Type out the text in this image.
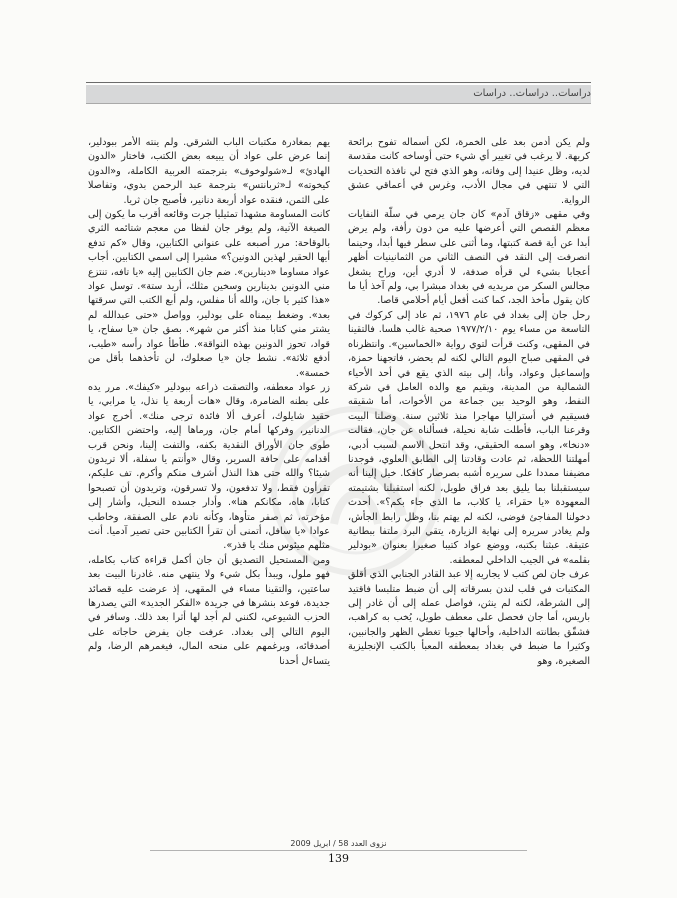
دراسات.. دراسات.. دراسات

ولم يكن أدمن بعد على الخمرة، لكن أسماله تفوح برائحة كريهة. لا يرغب في تغيير أي شيء حتى أوساخه كانت مقدسة لديه، وظل عنيدا إلى وفاته، وهو الذي فتح لي نافذة التحديات التي لا تنتهي في مجال الأدب، وغرس في أعماقي عشق الرواية.

وفي مقهى «زقاق آدم» كان جان يرمي في سلّة النفايات معظم القصص التي أعرضها عليه من دون رأفة، ولم يرض أبدا عن أية قصة كتبتها، وما أثنى على سطر فيها أبدا، وحينما انصرفت إلى النقد في النصف الثاني من الثمانينيات أظهر أعجابا بشيء لي قرأه صدفة، لا أدري أين، وراح يشغل مجالس السكر من مريديه في بغداد مبشرا بي، ولم آخذ أيا ما كان يقول مأخذ الجد، كما كنت أفعل أيام أحلامي قاصا.

رحل جان إلى بغداد في عام ١٩٧٦، ثم عاد إلى كركوك في التاسعة من مساء يوم ١٩٧٧/٢/١٠ صحبة غالب هلسا. فالتقينا في المقهى، وكنت قرأت لتوي رواية «الخماسين». وانتظرناه في المقهى صباح اليوم التالي لكنه لم يحضر، فاتجهنا حمزة، وإسماعيل وعواد، وأنا، إلى بيته الذي يقع في أحد الأحياء الشمالية من المدينة، ويقيم مع والده العامل في شركة النفط، وهو الوحيد بين جماعة من الأخوات، أما شقيقه فسيقيم في أستراليا مهاجرا منذ ثلاثين سنة. وصلنا البيت وقرعنا الباب، فأطلت شابة نحيلة، فسألناه عن جان، فقالت «دنخا»، وهو اسمه الحقيقي، وقد انتحل الاسم لسبب أدبي، أمهلتنا اللحظة، ثم عادت وقادتنا إلى الطابق العلوي، فوجدنا مضيفنا ممددا على سريره أشبه بصرصار كافكا. خيل إلينا أنه سيستقبلنا بما يليق بعد فراق طويل، لكنه استقبلنا بشتيمته المعهودة «يا حقراء، يا كلاب، ما الذي جاء بكم؟». أحدث دخولنا المفاجئ فوضى، لكنه لم يهتم بنا، وظل رابط الجأش، ولم يغادر سريره إلى نهاية الزيارة، يتقي البرد ملتفا ببطانية عتيقة. عبثنا بكتبه، ووضع عواد كتيبا صغيرا بعنوان «بودلير بقلمه» في الجيب الداخلي لمعطفه.

عرف جان لص كتب لا يجاريه إلا عبد القادر الجنابي الذي أقلق المكتبات في قلب لندن بسرقاته إلى أن ضبط متلبسا فاقتيد إلى الشرطة، لكنه لم ينثن، فواصل عمله إلى أن غادر إلى باريس، أما جان فحصل على معطف طويل، يُخب به كراهب، فشقّق بطانته الداخلية، وأحالها جيوبا تغطي الظهر والجانبين، وكثيرا ما ضبط في بغداد بمعطفه المعبأ بالكتب الإنجليزية الصغيرة، وهو

يهم بمغادرة مكتبات الباب الشرقي. ولم ينته الأمر ببودلير، إنما عرض على عواد أن يبيعه بعض الكتب، فاختار «الدون الهادئ» لـ«شولوخوف» بترجمته العربية الكاملة، و«الدون كيخوته» لـ«ثربانتس» بترجمة عبد الرحمن بدوي، وتفاصلا على الثمن، فنقده عواد أربعة دنانير، فأصبح جان ثريا.

كانت المساومة مشهدا تمثيليا جرت وقائعه أقرب ما يكون إلى الصيغة الآتية، ولم يوفر جان لفظا من معجم شتائمه الثري بالوقاحة: مرر أصبعه على عنواني الكتابين، وقال «كم تدفع أيها الحقير لهذين الدونين؟» مشيرا إلى اسمي الكتابين. أجاب عواد مساوما «دينارين». ضم جان الكتابين إليه «يا تافه، تنتزع مني الدونين بدينارين وسخين مثلك، أريد ستة». توسل عواد «هذا كثير يا جان، والله أنا مفلس، ولم أبع الكتب التي سرقتها بعد». وضغط بيمناه على بودلير، وواصل «حتى عبدالله لم يشتر مني كتابا منذ أكثر من شهر». بصق جان «يا سفاح، يا قواد، تحوز الدونين بهذه النواقة». طأطأ عواد رأسه «طيب، أدفع ثلاثة». نشط جان «يا صعلوك، لن تأخذهما بأقل من خمسة».

زر عواد معطفه، والتصقت ذراعه ببودلير «كيفك». مرر يده على بطنه الضامرة، وقال «هات أربعة يا نذل، يا مرابي، يا حقيد شايلوك، أعرف ألا فائدة ترجى منك». أخرج عواد الدنانير، وفركها أمام جان، ورماها إليه، واحتضن الكتابين. طوى جان الأوراق النقدية بكفه، والتفت إلينا، ونحن قرب أقدامه على حافة السرير، وقال «وأنتم يا سفلة، ألا تريدون شيئا؟ والله حتى هذا النذل أشرف منكم وأكرم. تف عليكم، تقرأون فقط، ولا تدفعون، ولا تسرقون، وتريدون أن تصبحوا كتابا، هاه، مكانكم هنا». وأدار جسده النحيل، وأشار إلى مؤخرته، ثم صفر متأوها، وكأنه نادم على الصفقة، وخاطب عوادا «يا سافل، أتمنى أن تقرأ الكتابين حتى تصير آدميا. أنت مثلهم ميئوس منك يا قذر».

ومن المستحيل التصديق أن جان أكمل قراءة كتاب بكامله، فهو ملول، ويبدأ بكل شيء ولا ينتهي منه. غادرنا البيت بعد ساعتين، والتقينا مساء في المقهى، إذ عرضت عليه قصائد جديدة، فوعد بنشرها في جريدة «الفكر الجديد» التي يصدرها الحزب الشيوعي، لكنني لم أجد لها أثرا بعد ذلك. وسافر في اليوم التالي إلى بغداد. عرفت جان يفرض حاجاته على أصدقائه، ويرغمهم على منحه المال، فيغمرهم الرضا، ولم يتساءل أحدنا

نزوى العدد 58 / ابريل 2009
139
